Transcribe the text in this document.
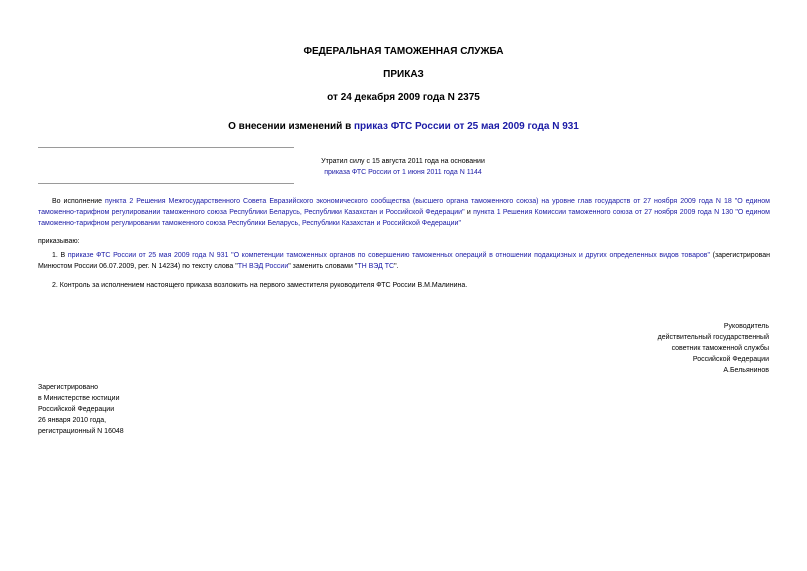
ФЕДЕРАЛЬНАЯ ТАМОЖЕННАЯ СЛУЖБА
ПРИКАЗ
от 24 декабря 2009 года N 2375
О внесении изменений в приказ ФТС России от 25 мая 2009 года N 931
Утратил силу с 15 августа 2011 года на основании
приказа ФТС России от 1 июня 2011 года N 1144
Во исполнение пункта 2 Решения Межгосударственного Совета Евразийского экономического сообщества (высшего органа таможенного союза) на уровне глав государств от 27 ноября 2009 года N 18 "О едином таможенно-тарифном регулировании таможенного союза Республики Беларусь, Республики Казахстан и Российской Федерации" и пункта 1 Решения Комиссии таможенного союза от 27 ноября 2009 года N 130 "О едином таможенно-тарифном регулировании таможенного союза Республики Беларусь, Республики Казахстан и Российской Федерации"
приказываю:
1. В приказе ФТС России от 25 мая 2009 года N 931 "О компетенции таможенных органов по совершению таможенных операций в отношении подакцизных и других определенных видов товаров" (зарегистрирован Минюстом России 06.07.2009, рег. N 14234) по тексту слова "ТН ВЭД России" заменить словами "ТН ВЭД ТС".
2. Контроль за исполнением настоящего приказа возложить на первого заместителя руководителя ФТС России В.М.Малинина.
Руководитель
действительный государственный
советник таможенной службы
Российской Федерации
А.Бельянинов
Зарегистрировано
в Министерстве юстиции
Российской Федерации
26 января 2010 года,
регистрационный N 16048
